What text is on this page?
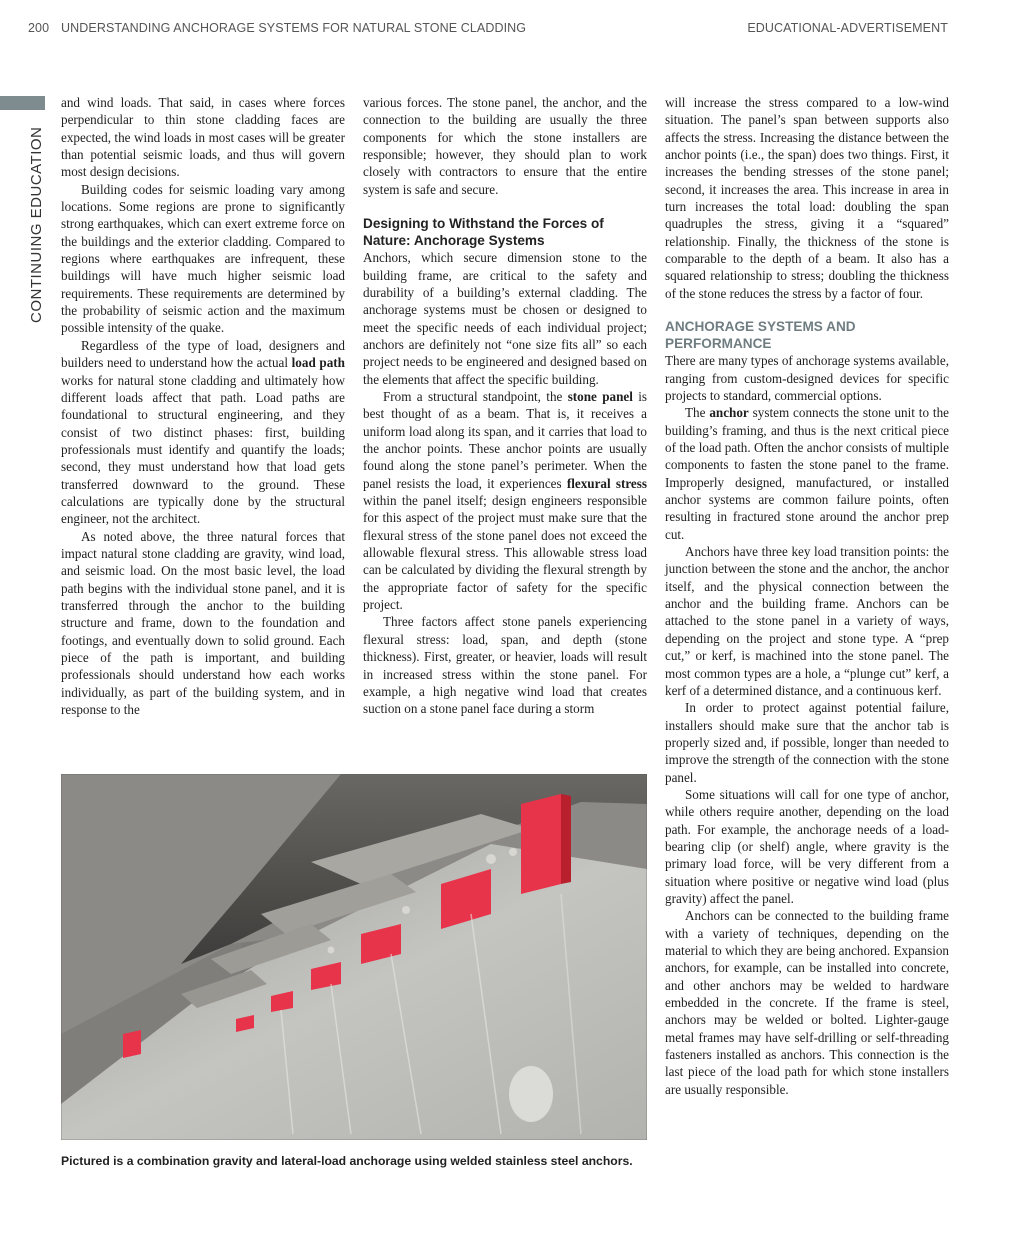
200 UNDERSTANDING ANCHORAGE SYSTEMS FOR NATURAL STONE CLADDING	EDUCATIONAL-ADVERTISEMENT
CONTINUING EDUCATION

and wind loads. That said, in cases where forces perpendicular to thin stone cladding faces are expected, the wind loads in most cases will be greater than potential seismic loads, and thus will govern most design decisions.

Building codes for seismic loading vary among locations. Some regions are prone to significantly strong earthquakes, which can exert extreme force on the buildings and the exterior cladding. Compared to regions where earthquakes are infrequent, these buildings will have much higher seismic load requirements. These requirements are determined by the probability of seismic action and the maximum possible intensity of the quake.

Regardless of the type of load, designers and builders need to understand how the actual load path works for natural stone cladding and ultimately how different loads affect that path. Load paths are foundational to structural engineering, and they consist of two distinct phases: first, building professionals must identify and quantify the loads; second, they must understand how that load gets transferred downward to the ground. These calculations are typically done by the structural engineer, not the architect.

As noted above, the three natural forces that impact natural stone cladding are gravity, wind load, and seismic load. On the most basic level, the load path begins with the individual stone panel, and it is transferred through the anchor to the building structure and frame, down to the foundation and footings, and eventually down to solid ground. Each piece of the path is important, and building professionals should understand how each works individually, as part of the building system, and in response to the

various forces. The stone panel, the anchor, and the connection to the building are usually the three components for which the stone installers are responsible; however, they should plan to work closely with contractors to ensure that the entire system is safe and secure.

Designing to Withstand the Forces of Nature: Anchorage Systems

Anchors, which secure dimension stone to the building frame, are critical to the safety and durability of a building’s external cladding. The anchorage systems must be chosen or designed to meet the specific needs of each individual project; anchors are definitely not “one size fits all” so each project needs to be engineered and designed based on the elements that affect the specific building.

From a structural standpoint, the stone panel is best thought of as a beam. That is, it receives a uniform load along its span, and it carries that load to the anchor points. These anchor points are usually found along the stone panel’s perimeter. When the panel resists the load, it experiences flexural stress within the panel itself; design engineers responsible for this aspect of the project must make sure that the flexural stress of the stone panel does not exceed the allowable flexural stress. This allowable stress load can be calculated by dividing the flexural strength by the appropriate factor of safety for the specific project.

Three factors affect stone panels experiencing flexural stress: load, span, and depth (stone thickness). First, greater, or heavier, loads will result in increased stress within the stone panel. For example, a high negative wind load that creates suction on a stone panel face during a storm

will increase the stress compared to a low-wind situation. The panel’s span between supports also affects the stress. Increasing the distance between the anchor points (i.e., the span) does two things. First, it increases the bending stresses of the stone panel; second, it increases the area. This increase in area in turn increases the total load: doubling the span quadruples the stress, giving it a “squared” relationship. Finally, the thickness of the stone is comparable to the depth of a beam. It also has a squared relationship to stress; doubling the thickness of the stone reduces the stress by a factor of four.

ANCHORAGE SYSTEMS AND PERFORMANCE

There are many types of anchorage systems available, ranging from custom-designed devices for specific projects to standard, commercial options.

The anchor system connects the stone unit to the building’s framing, and thus is the next critical piece of the load path. Often the anchor consists of multiple components to fasten the stone panel to the frame. Improperly designed, manufactured, or installed anchor systems are common failure points, often resulting in fractured stone around the anchor prep cut.

Anchors have three key load transition points: the junction between the stone and the anchor, the anchor itself, and the physical connection between the anchor and the building frame. Anchors can be attached to the stone panel in a variety of ways, depending on the project and stone type. A “prep cut,” or kerf, is machined into the stone panel. The most common types are a hole, a “plunge cut” kerf, a kerf of a determined distance, and a continuous kerf.

In order to protect against potential failure, installers should make sure that the anchor tab is properly sized and, if possible, longer than needed to improve the strength of the connection with the stone panel.

Some situations will call for one type of anchor, while others require another, depending on the load path. For example, the anchorage needs of a load-bearing clip (or shelf) angle, where gravity is the primary load force, will be very different from a situation where positive or negative wind load (plus gravity) affect the panel.

Anchors can be connected to the building frame with a variety of techniques, depending on the material to which they are being anchored. Expansion anchors, for example, can be installed into concrete, and other anchors may be welded to hardware embedded in the concrete. If the frame is steel, anchors may be welded or bolted. Lighter-gauge metal frames may have self-drilling or self-threading fasteners installed as anchors. This connection is the last piece of the load path for which stone installers are usually responsible.

Pictured is a combination gravity and lateral-load anchorage using welded stainless steel anchors.
